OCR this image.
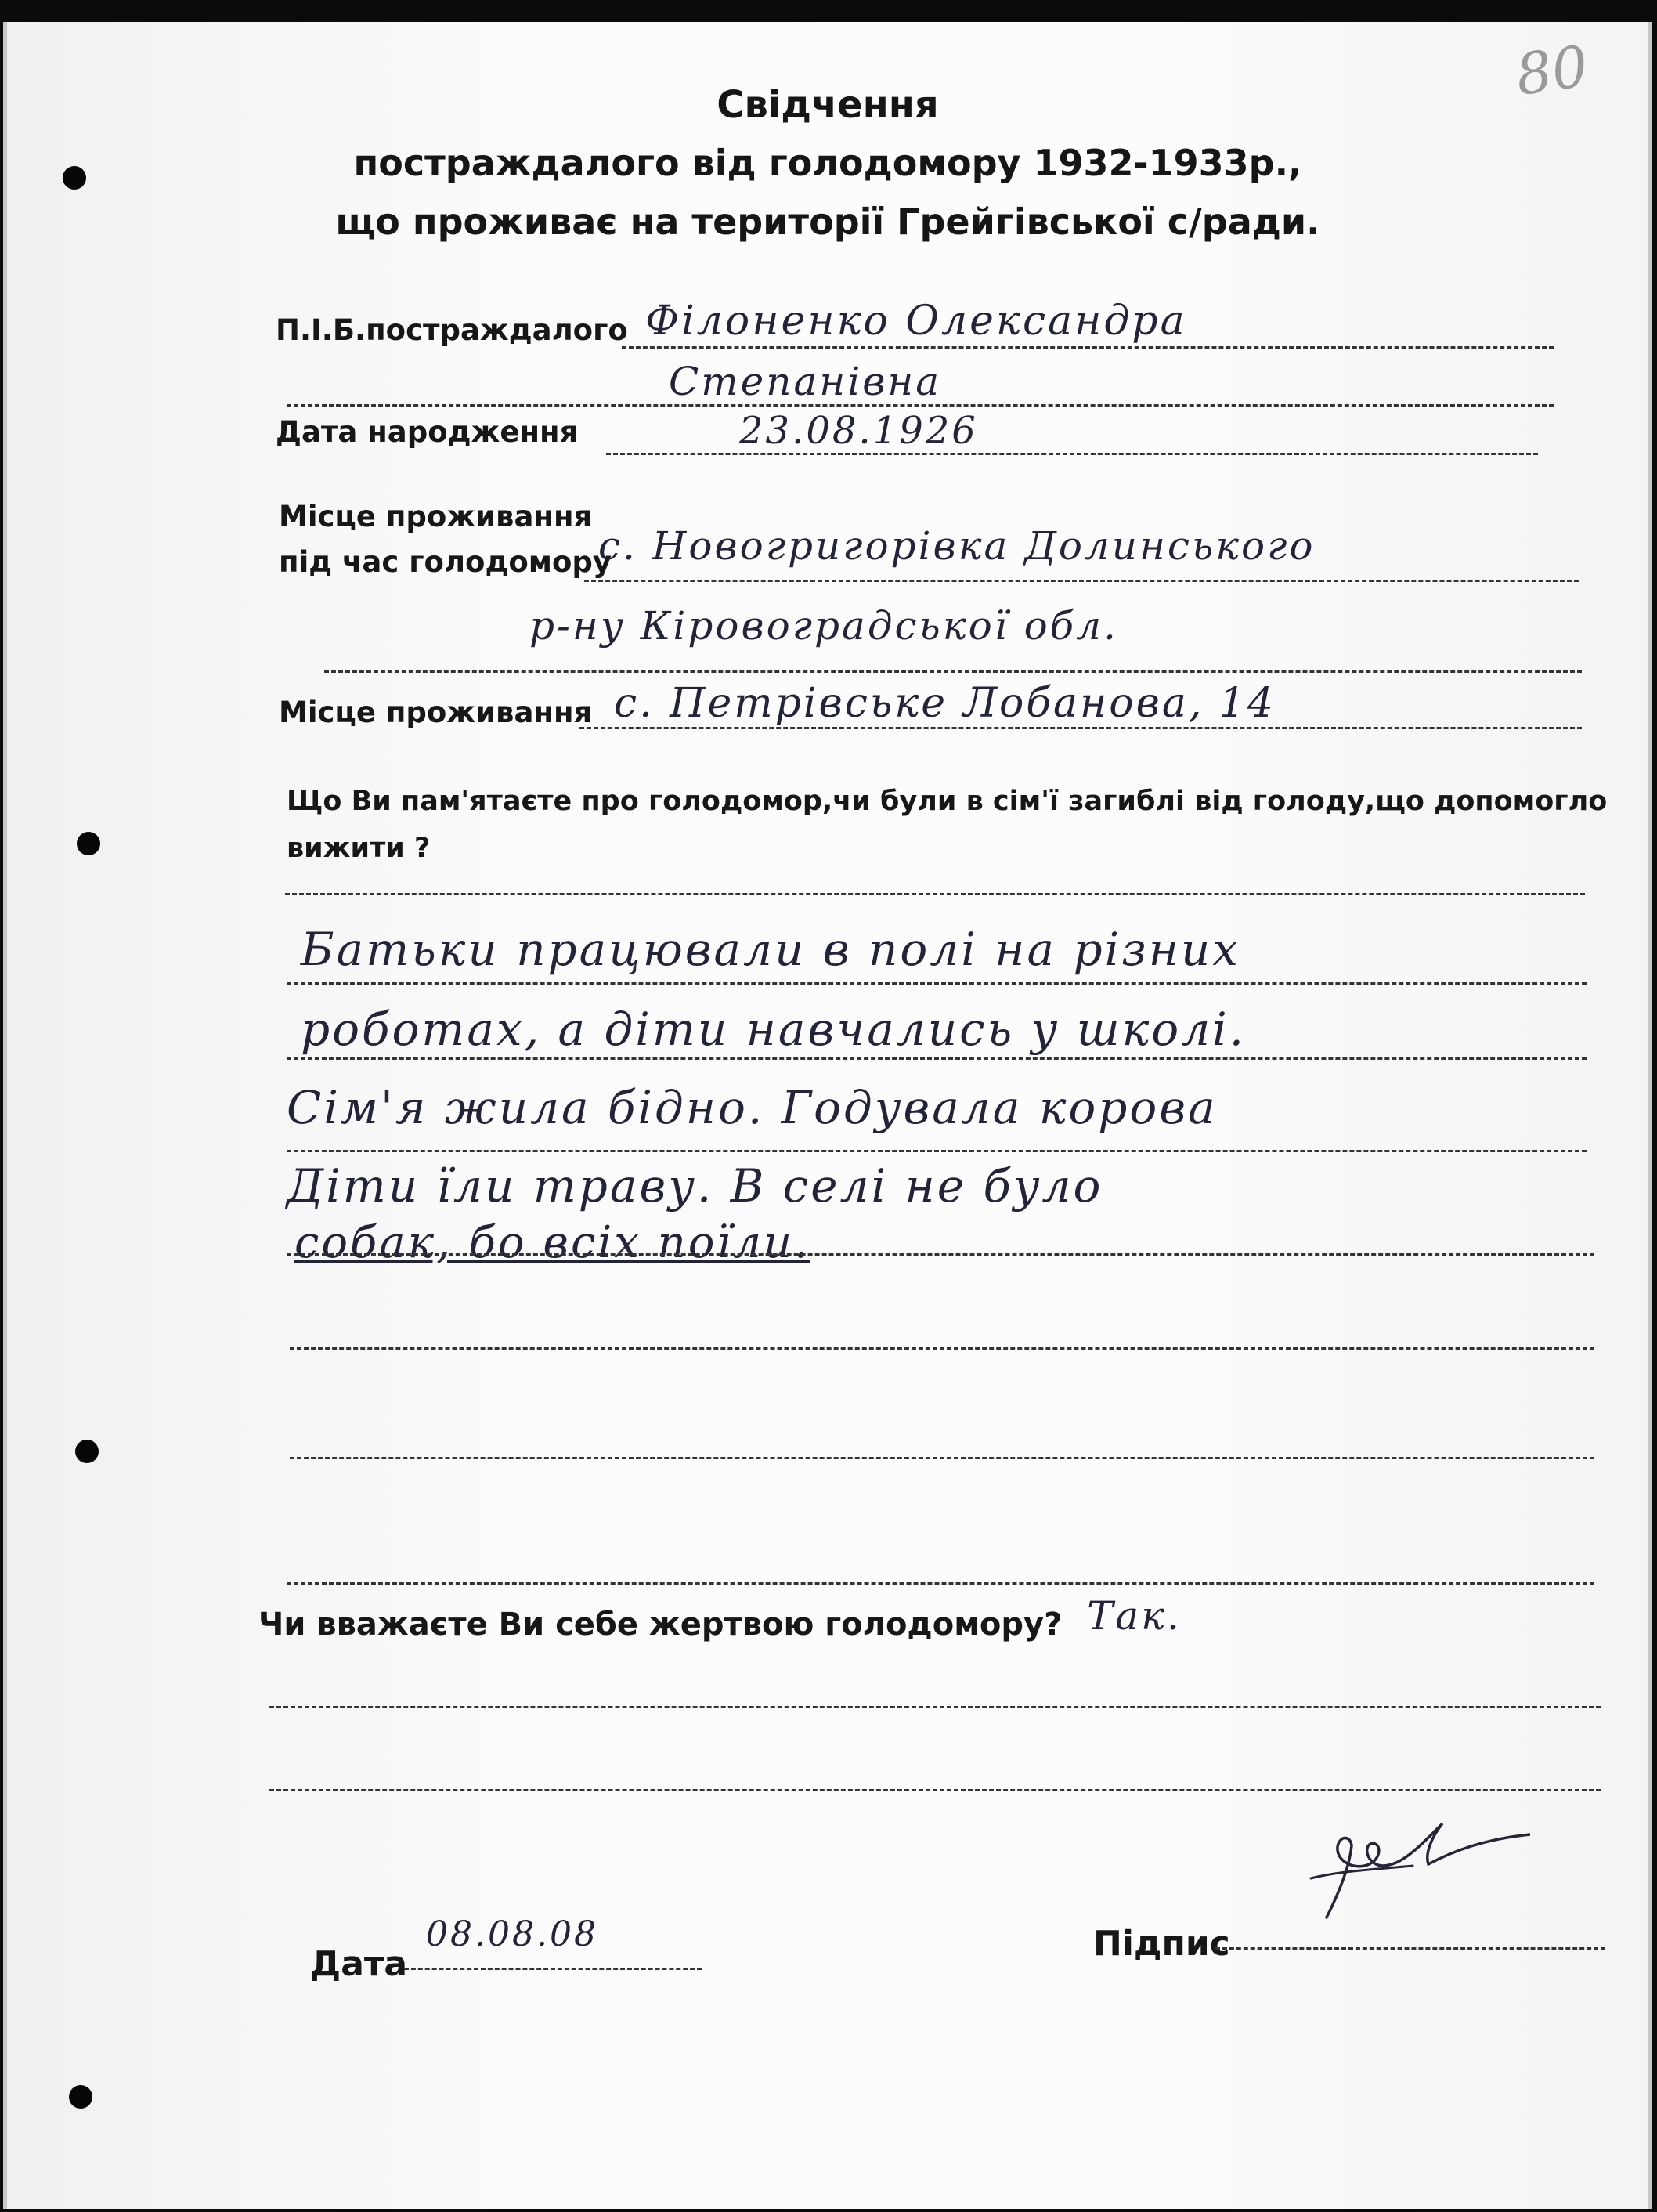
80
Свідчення
постраждалого від голодомору 1932-1933р.,
що проживає на території Грейгівської с/ради.
П.І.Б.постраждалого Філоненко Олександра
Степанівна
Дата народження	23.08.1926
Місце проживання
під час голодомору
с. Новогригорівка Долинського
р-ну Кіровоградської обл.
Місце проживання с. Петрівське Лобанова, 14
Що Ви пам'ятаєте про голодомор,чи були в сім'ї загиблі від голоду,що допомогло
вижити ?
Батьки працювали в полі на різних
роботах, а діти навчались у школі.
Сім'я жила бідно. Годувала корова
Діти їли траву. В селі не було
собак, бо всіх поїли.
Чи вважаєте Ви себе жертвою голодомору? Так.
Дата
08.08.08	Підпис
